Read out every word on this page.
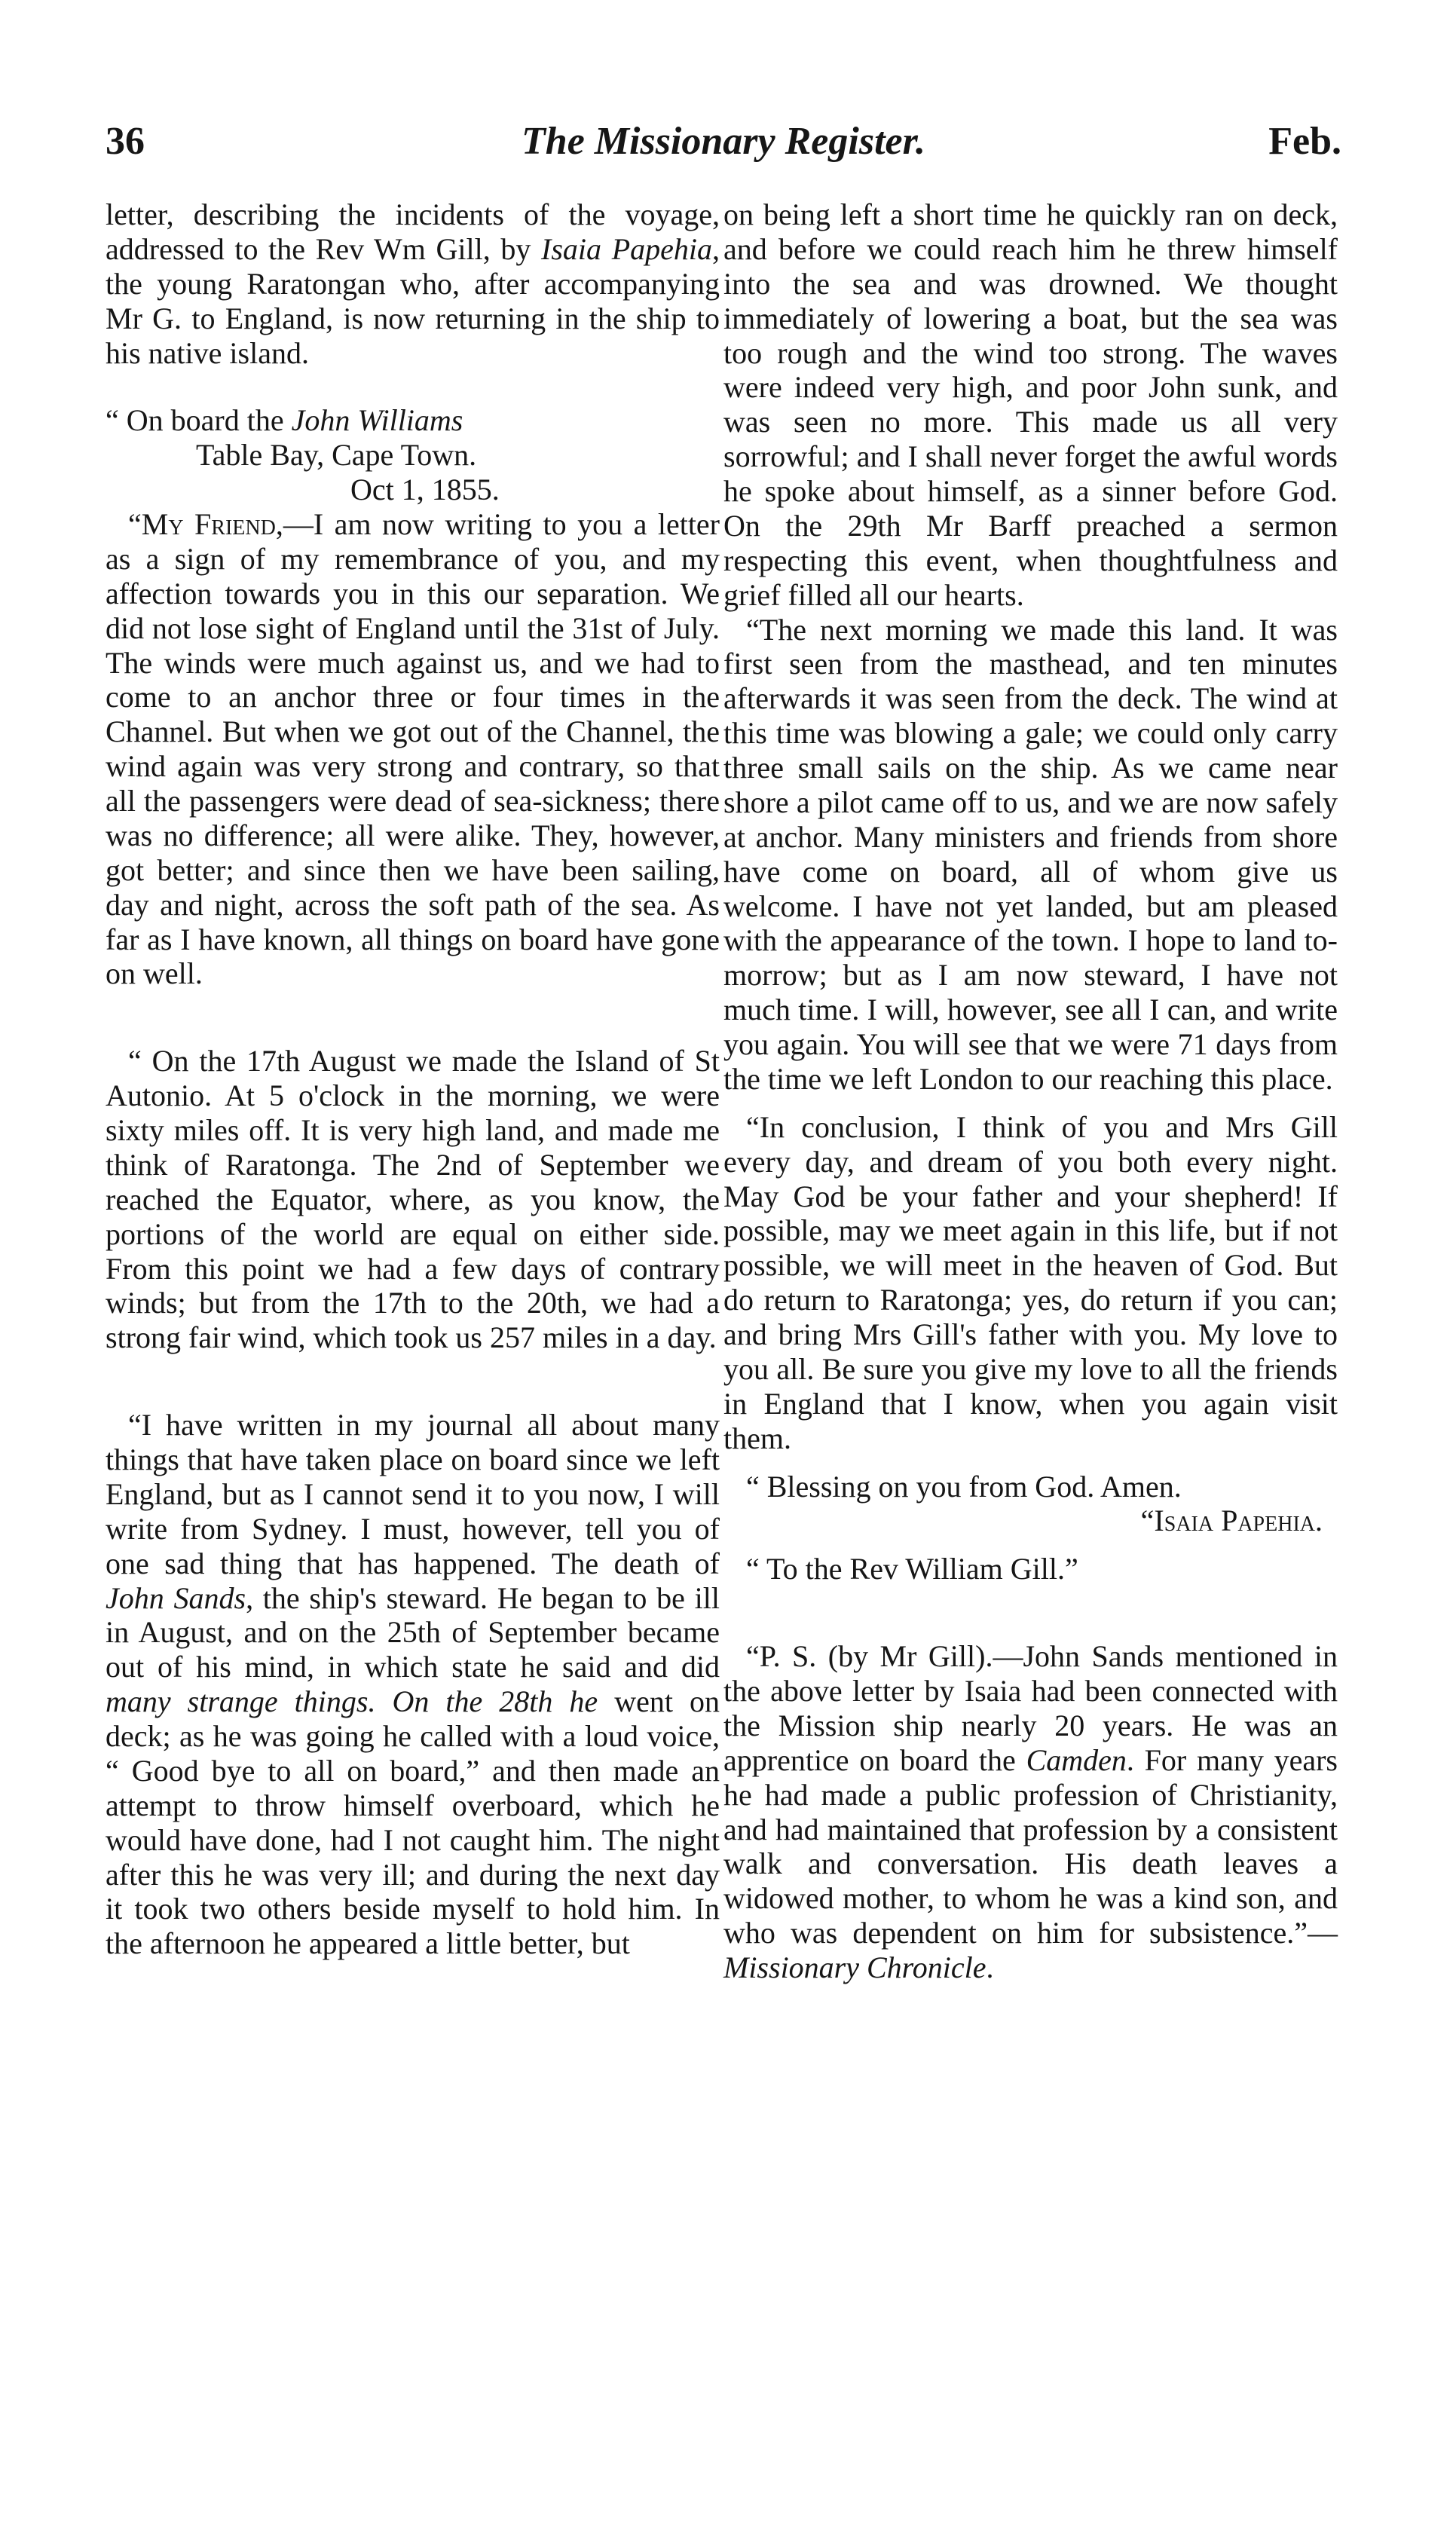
36	The Missionary Register.	Feb.

letter, describing the incidents of the voyage, addressed to the Rev Wm Gill, by Isaia Papehia, the young Raratongan who, after accompanying Mr G. to England, is now returning in the ship to his native island.

“ On board the John Williams
Table Bay, Cape Town.
Oct 1, 1855.

“My Friend,—I am now writing to you a letter as a sign of my remembrance of you, and my affection towards you in this our separation. We did not lose sight of England until the 31st of July. The winds were much against us, and we had to come to an anchor three or four times in the Channel. But when we got out of the Channel, the wind again was very strong and contrary, so that all the passengers were dead of sea-sickness; there was no difference; all were alike. They, however, got better; and since then we have been sailing, day and night, across the soft path of the sea. As far as I have known, all things on board have gone on well.

“ On the 17th August we made the Island of St Autonio. At 5 o'clock in the morning, we were sixty miles off. It is very high land, and made me think of Raratonga. The 2nd of September we reached the Equator, where, as you know, the portions of the world are equal on either side. From this point we had a few days of contrary winds; but from the 17th to the 20th, we had a strong fair wind, which took us 257 miles in a day.

“I have written in my journal all about many things that have taken place on board since we left England, but as I cannot send it to you now, I will write from Sydney. I must, however, tell you of one sad thing that has happened. The death of John Sands, the ship's steward. He began to be ill in August, and on the 25th of September became out of his mind, in which state he said and did many strange things. On the 28th he went on deck; as he was going he called with a loud voice, “ Good bye to all on board,” and then made an attempt to throw himself overboard, which he would have done, had I not caught him. The night after this he was very ill; and during the next day it took two others beside myself to hold him. In the afternoon he appeared a little better, but

on being left a short time he quickly ran on deck, and before we could reach him he threw himself into the sea and was drowned. We thought immediately of lowering a boat, but the sea was too rough and the wind too strong. The waves were indeed very high, and poor John sunk, and was seen no more. This made us all very sorrowful; and I shall never forget the awful words he spoke about himself, as a sinner before God. On the 29th Mr Barff preached a sermon respecting this event, when thoughtfulness and grief filled all our hearts.

“The next morning we made this land. It was first seen from the masthead, and ten minutes afterwards it was seen from the deck. The wind at this time was blowing a gale; we could only carry three small sails on the ship. As we came near shore a pilot came off to us, and we are now safely at anchor. Many ministers and friends from shore have come on board, all of whom give us welcome. I have not yet landed, but am pleased with the appearance of the town. I hope to land to-morrow; but as I am now steward, I have not much time. I will, however, see all I can, and write you again. You will see that we were 71 days from the time we left London to our reaching this place.

“In conclusion, I think of you and Mrs Gill every day, and dream of you both every night. May God be your father and your shepherd! If possible, may we meet again in this life, but if not possible, we will meet in the heaven of God. But do return to Raratonga; yes, do return if you can; and bring Mrs Gill's father with you. My love to you all. Be sure you give my love to all the friends in England that I know, when you again visit them.

“ Blessing on you from God. Amen.

“Isaia Papehia.

“ To the Rev William Gill.”

“P. S. (by Mr Gill).—John Sands mentioned in the above letter by Isaia had been connected with the Mission ship nearly 20 years. He was an apprentice on board the Camden. For many years he had made a public profession of Christianity, and had maintained that profession by a consistent walk and conversation. His death leaves a widowed mother, to whom he was a kind son, and who was dependent on him for subsistence.”—Missionary Chronicle.
